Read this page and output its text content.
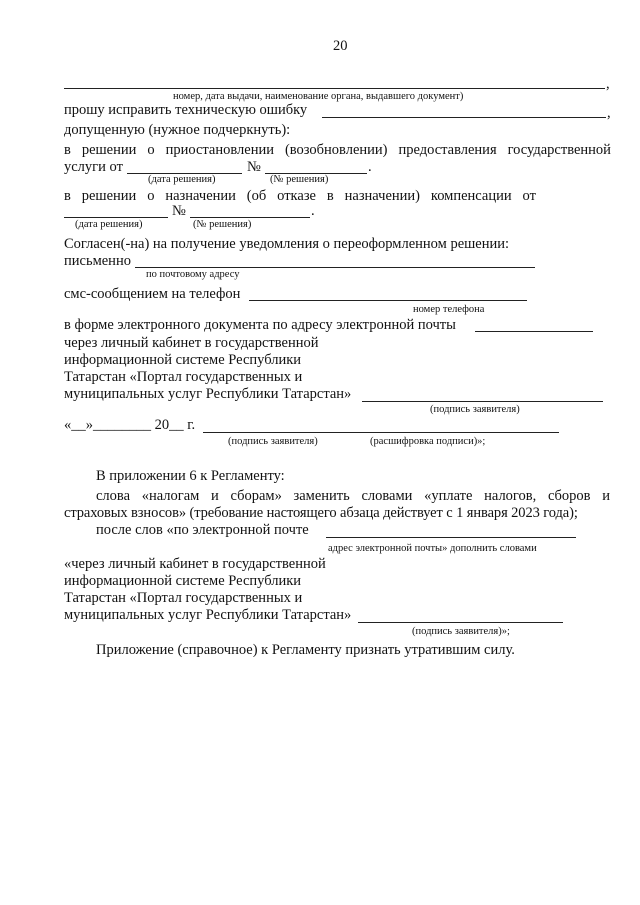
20
,
номер, дата выдачи, наименование органа, выдавшего документ)
прошу исправить техническую ошибку	,
допущенную (нужное подчеркнуть):
в решении о приостановлении (возобновлении) предоставления государственной
услуги от	№	.
(дата решения)	(№ решения)
в решении о назначении (об отказе в назначении) компенсации от
№	.
(дата решения)	(№ решения)
Согласен(-на) на получение уведомления о переоформленном решении:
письменно
по почтовому адресу
смс-сообщением на телефон
номер телефона
в форме электронного документа по адресу электронной почты
через личный кабинет в государственной
информационной системе Республики
Татарстан «Портал государственных и
муниципальных услуг Республики Татарстан»
(подпись заявителя)
«__»________ 20__ г.
(подпись заявителя)	(расшифровка подписи)»;
В приложении 6 к Регламенту:
слова «налогам и сборам» заменить словами «уплате налогов, сборов и
страховых взносов» (требование настоящего абзаца действует с 1 января 2023 года);
после слов «по электронной почте
адрес электронной почты» дополнить словами
«через личный кабинет в государственной
информационной системе Республики
Татарстан «Портал государственных и
муниципальных услуг Республики Татарстан»
(подпись заявителя)»;
Приложение (справочное) к Регламенту признать утратившим силу.
